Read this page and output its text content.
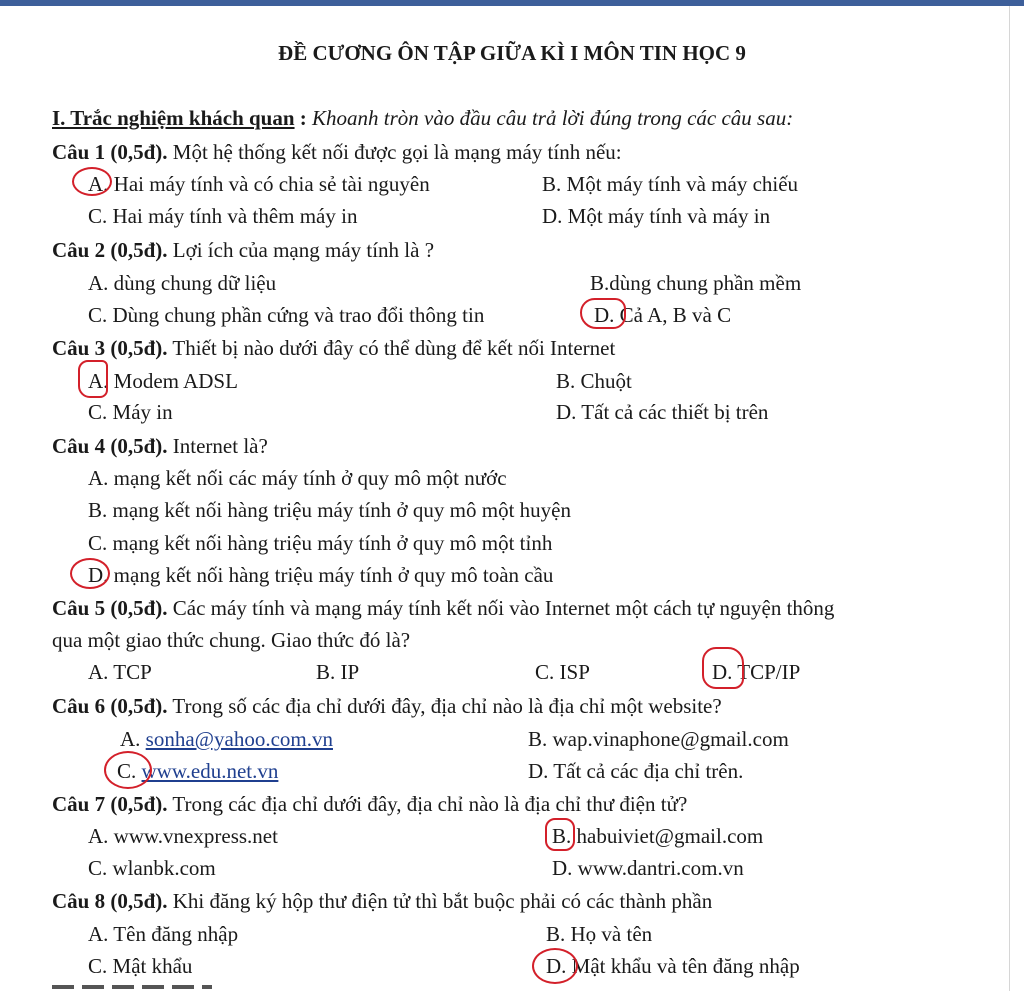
ĐỀ CƯƠNG ÔN TẬP GIỮA KÌ I MÔN TIN HỌC 9
I. Trắc nghiệm khách quan : Khoanh tròn vào đầu câu trả lời đúng trong các câu sau:
Câu 1 (0,5đ). Một hệ thống kết nối được gọi là mạng máy tính nếu:
A. Hai máy tính và có chia sẻ tài nguyên	B. Một máy tính và máy chiếu
C. Hai máy tính và thêm máy in	D. Một máy tính và máy in
Câu 2 (0,5đ). Lợi ích của mạng máy tính là ?
A. dùng chung dữ liệu	B.dùng chung phần mềm
C. Dùng chung phần cứng và trao đổi thông tin	D. Cả A, B và C
Câu 3 (0,5đ). Thiết bị nào dưới đây có thể dùng để kết nối Internet
A. Modem ADSL	B. Chuột
C. Máy in	D. Tất cả các thiết bị trên
Câu 4 (0,5đ). Internet là?
A. mạng kết nối các máy tính ở quy mô một nước
B. mạng kết nối hàng triệu máy tính ở quy mô một huyện
C. mạng kết nối hàng triệu máy tính ở quy mô một tỉnh
D. mạng kết nối hàng triệu máy tính ở quy mô toàn cầu
Câu 5 (0,5đ). Các máy tính và mạng máy tính kết nối vào Internet một cách tự nguyện thông
qua một giao thức chung. Giao thức đó là?
A. TCP	B. IP	C. ISP	D. TCP/IP
Câu 6 (0,5đ). Trong số các địa chỉ dưới đây, địa chỉ nào là địa chỉ một website?
A. sonha@yahoo.com.vn	B. wap.vinaphone@gmail.com
C. www.edu.net.vn	D. Tất cả các địa chỉ trên.
Câu 7 (0,5đ). Trong các địa chỉ dưới đây, địa chỉ nào là địa chỉ thư điện tử?
A. www.vnexpress.net	B. habuiviet@gmail.com
C. wlanbk.com	D. www.dantri.com.vn
Câu 8 (0,5đ). Khi đăng ký hộp thư điện tử thì bắt buộc phải có các thành phần
A. Tên đăng nhập	B. Họ và tên
C. Mật khẩu	D. Mật khẩu và tên đăng nhập
